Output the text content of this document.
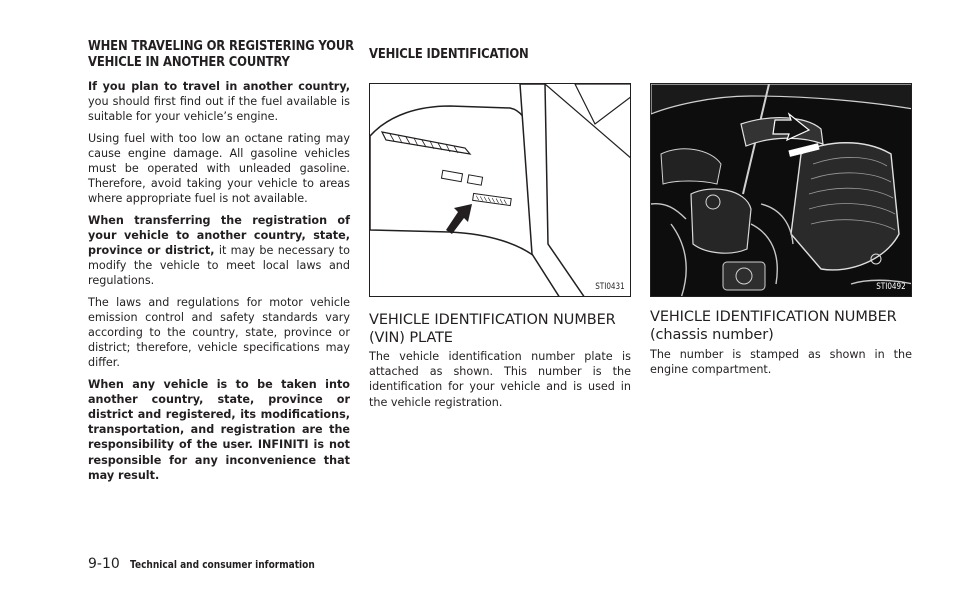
WHEN TRAVELING OR REGISTERING YOUR
VEHICLE IN ANOTHER COUNTRY

If you plan to travel in another country, you should first find out if the fuel available is suitable for your vehicle’s engine.

Using fuel with too low an octane rating may cause engine damage. All gasoline vehicles must be operated with unleaded gasoline. Therefore, avoid taking your vehicle to areas where appropriate fuel is not available.

When transferring the registration of your vehicle to another country, state, province or district, it may be necessary to modify the vehicle to meet local laws and regulations.

The laws and regulations for motor vehicle emission control and safety standards vary according to the country, state, province or district; therefore, vehicle specifications may differ.

When any vehicle is to be taken into another country, state, province or district and registered, its modifications, transportation, and registration are the responsibility of the user. INFINITI is not responsible for any inconvenience that may result.

VEHICLE IDENTIFICATION
STI0431	STI0492
VEHICLE IDENTIFICATION NUMBER
(VIN) PLATE
VEHICLE IDENTIFICATION NUMBER
(chassis number)
The vehicle identification number plate is attached as shown. This number is the identification for your vehicle and is used in the vehicle registration.
The number is stamped as shown in the engine compartment.
9-10 Technical and consumer information
